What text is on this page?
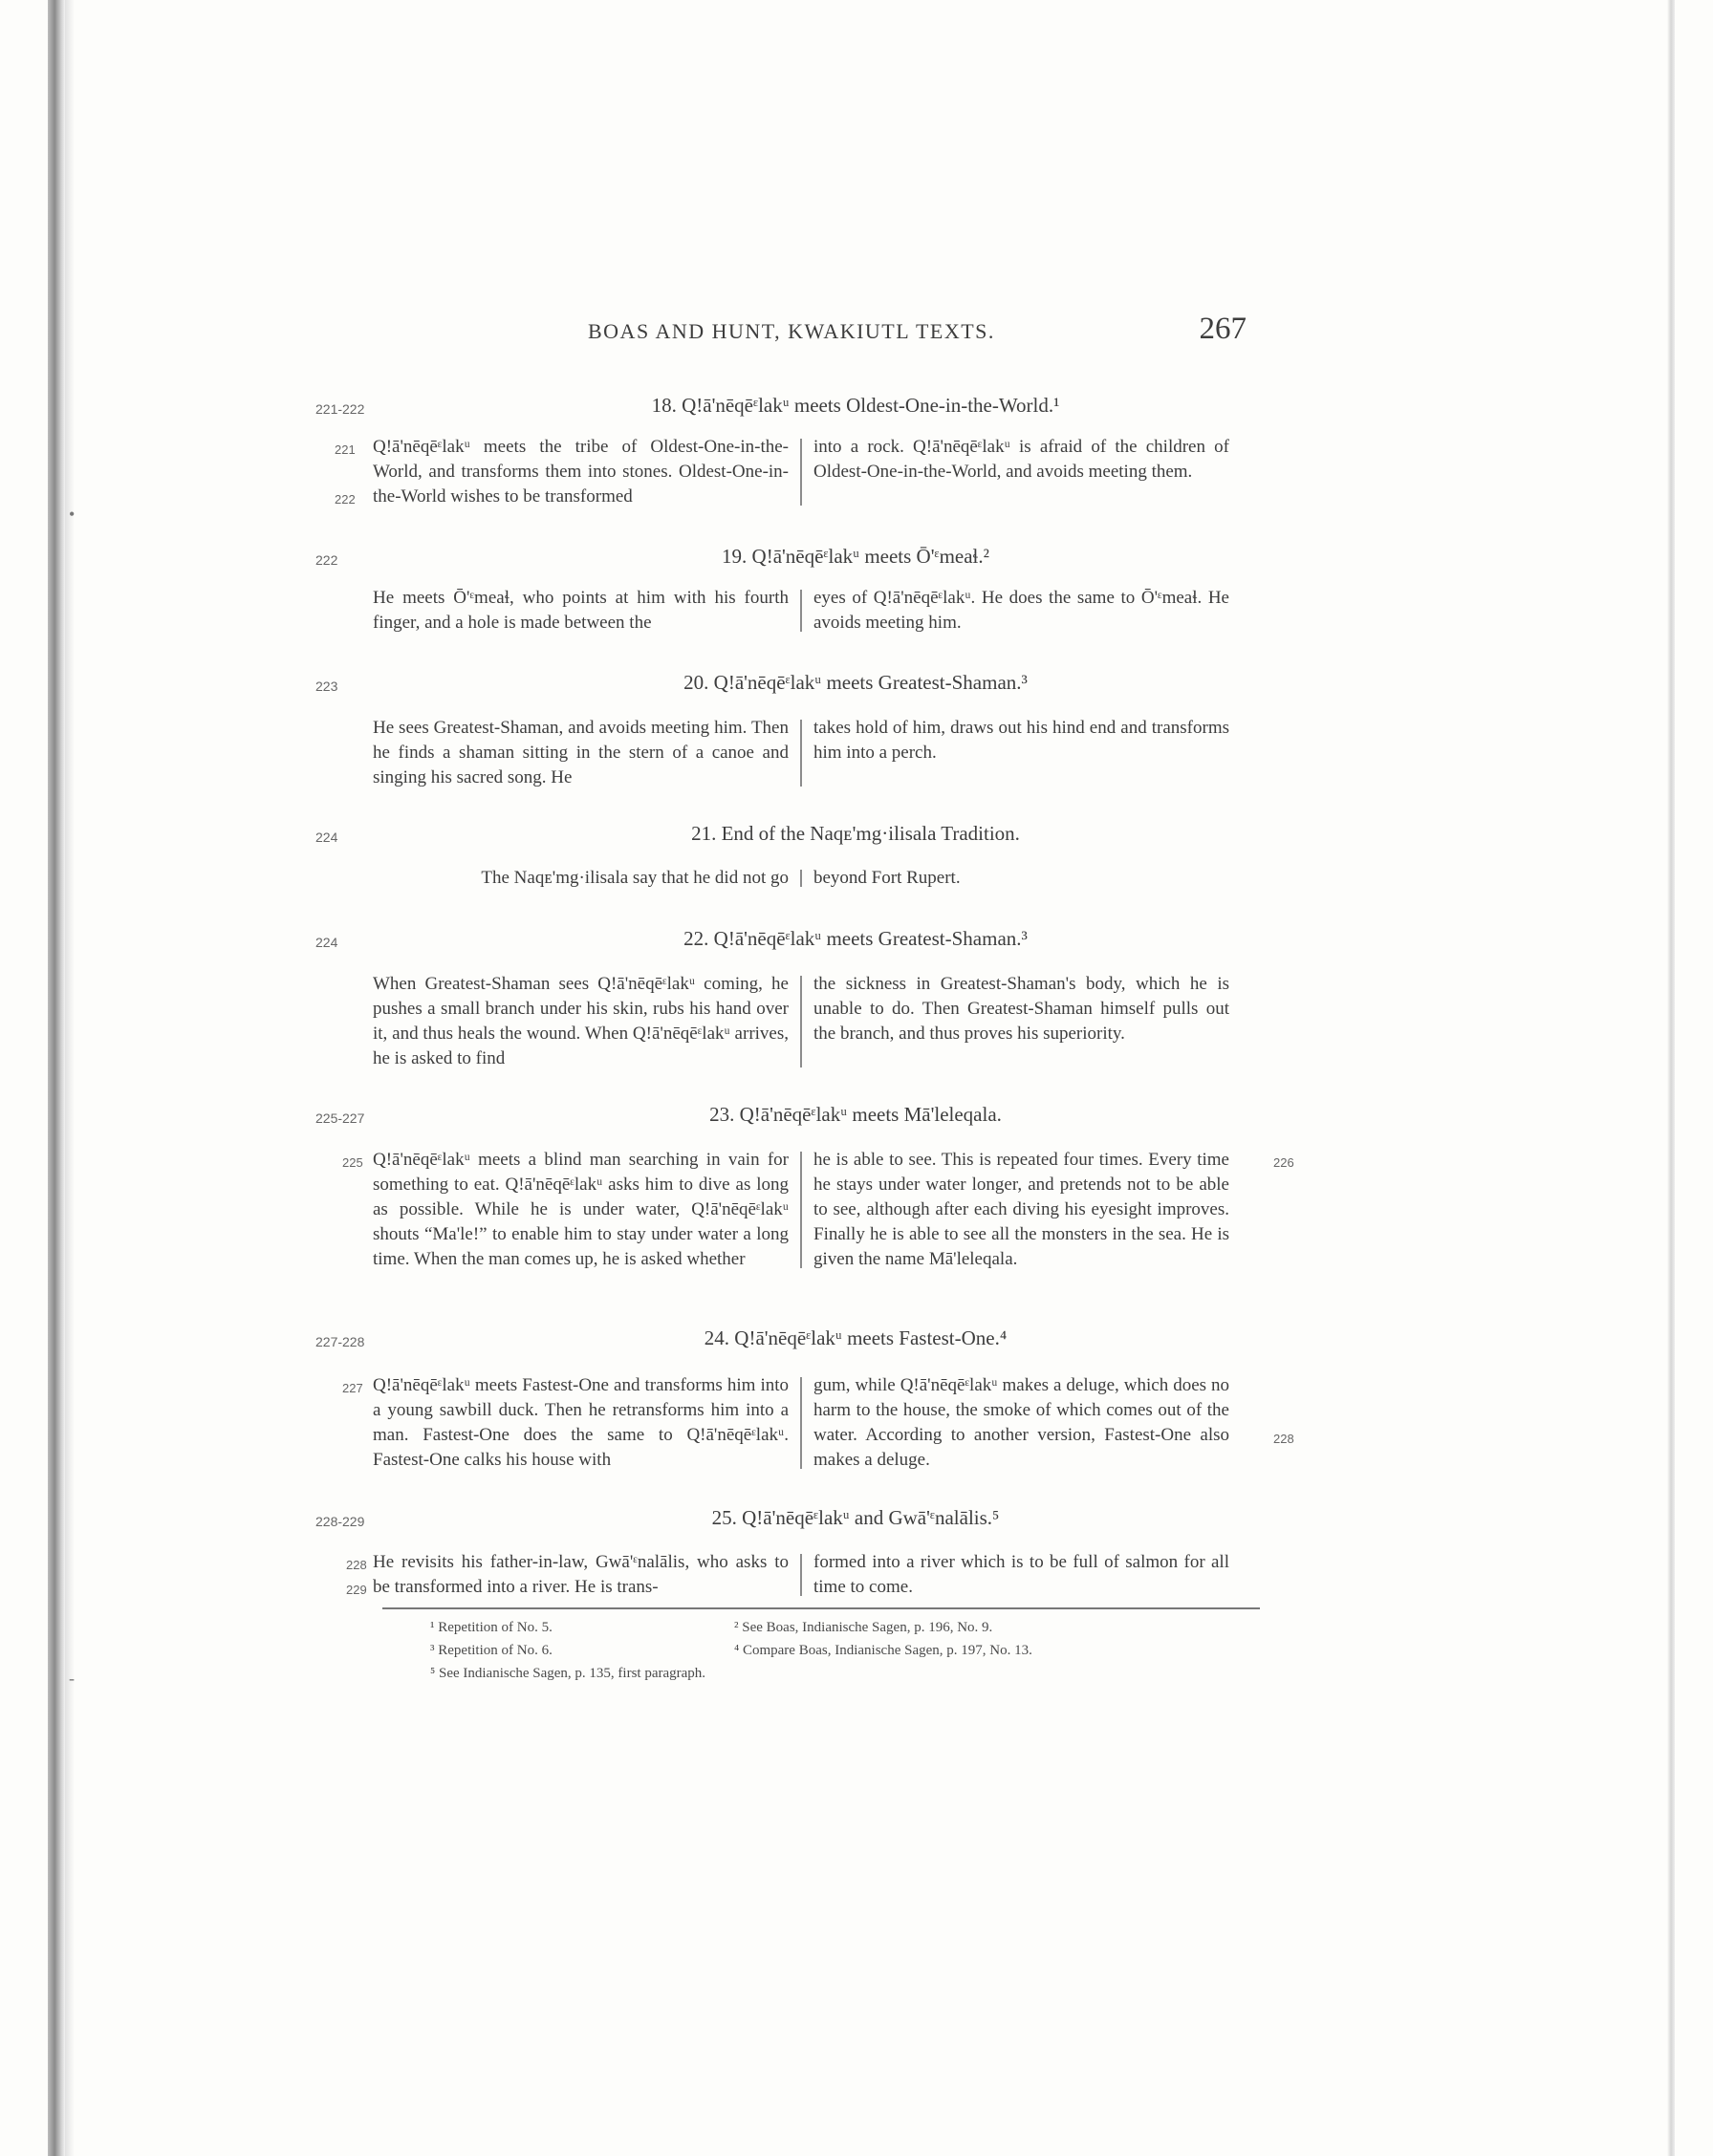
BOAS AND HUNT, KWAKIUTL TEXTS.	267
221-222	18. Q!ā'nēqēᵋlakᵘ meets Oldest-One-in-the-World.¹
221
222
Q!ā'nēqēᵋlakᵘ meets the tribe of Oldest-One-in-the-World, and transforms them into stones. Oldest-One-in-the-World wishes to be transformed
into a rock. Q!ā'nēqēᵋlakᵘ is afraid of the children of Oldest-One-in-the-World, and avoids meeting them.
222	19. Q!ā'nēqēᵋlakᵘ meets Ō'ᵋmeaɬ.²
He meets Ō'ᵋmeaɬ, who points at him with his fourth finger, and a hole is made between the
eyes of Q!ā'nēqēᵋlakᵘ. He does the same to Ō'ᵋmeaɬ. He avoids meeting him.
223	20. Q!ā'nēqēᵋlakᵘ meets Greatest-Shaman.³
He sees Greatest-Shaman, and avoids meeting him. Then he finds a shaman sitting in the stern of a canoe and singing his sacred song. He
takes hold of him, draws out his hind end and transforms him into a perch.
224	21. End of the Naqᴇ'mg·ilisala Tradition.
The Naqᴇ'mg·ilisala say that he did not go beyond Fort Rupert.
224	22. Q!ā'nēqēᵋlakᵘ meets Greatest-Shaman.³
When Greatest-Shaman sees Q!ā'nēqēᵋlakᵘ coming, he pushes a small branch under his skin, rubs his hand over it, and thus heals the wound. When Q!ā'nēqēᵋlakᵘ arrives, he is asked to find
the sickness in Greatest-Shaman's body, which he is unable to do. Then Greatest-Shaman himself pulls out the branch, and thus proves his superiority.
225-227	23. Q!ā'nēqēᵋlakᵘ meets Mā'leleqala.
225	226
Q!ā'nēqēᵋlakᵘ meets a blind man searching in vain for something to eat. Q!ā'nēqēᵋlakᵘ asks him to dive as long as possible. While he is under water, Q!ā'nēqēᵋlakᵘ shouts “Ma'le!” to enable him to stay under water a long time. When the man comes up, he is asked whether
he is able to see. This is repeated four times. Every time he stays under water longer, and pretends not to be able to see, although after each diving his eyesight improves. Finally he is able to see all the monsters in the sea. He is given the name Mā'leleqala.
227-228	24. Q!ā'nēqēᵋlakᵘ meets Fastest-One.⁴
227
228
Q!ā'nēqēᵋlakᵘ meets Fastest-One and transforms him into a young sawbill duck. Then he retransforms him into a man. Fastest-One does the same to Q!ā'nēqēᵋlakᵘ. Fastest-One calks his house with
gum, while Q!ā'nēqēᵋlakᵘ makes a deluge, which does no harm to the house, the smoke of which comes out of the water. According to another version, Fastest-One also makes a deluge.
228-229	25. Q!ā'nēqēᵋlakᵘ and Gwā'ᵋnalālis.⁵
228
229
He revisits his father-in-law, Gwā'ᵋnalālis, who asks to be transformed into a river. He is trans-
formed into a river which is to be full of salmon for all time to come.
¹ Repetition of No. 5.	² See Boas, Indianische Sagen, p. 196, No. 9.
³ Repetition of No. 6.	⁴ Compare Boas, Indianische Sagen, p. 197, No. 13.
⁵ See Indianische Sagen, p. 135, first paragraph.
•
-
